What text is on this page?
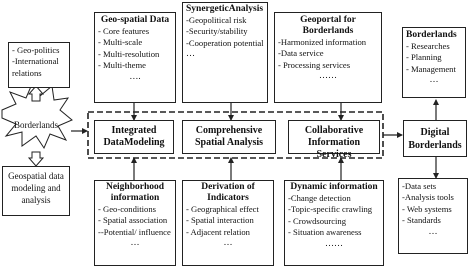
Borderlands
- Geo-politics
-International relations
Geospatial data modeling and analysis
Geo-spatial Data
- Core features
- Multi-scale
- Multi-resolution
- Multi-theme
….
SynergeticAnalysis
-Geopolitical risk
-Security/stability
-Cooperation potential
…
Geoportal for Borderlands
-Harmonized information
-Data service
- Processing services
……
Borderlands
- Researches
- Planning
- Management
…
Integrated DataModeling
Comprehensive Spatial Analysis
Collaborative Information Services
Digital Borderlands
Neighborhood information
- Geo-conditions
- Spatial association
--Potential/ influence
…
Derivation of Indicators
- Geographical effect
- Spatial interaction
- Adjacent relation
…
Dynamic information
-Change detection
-Topic-specific crawling
- Crowdsourcing
- Situation awareness
……
-Data sets
-Analysis tools
- Web systems
- Standards
…
